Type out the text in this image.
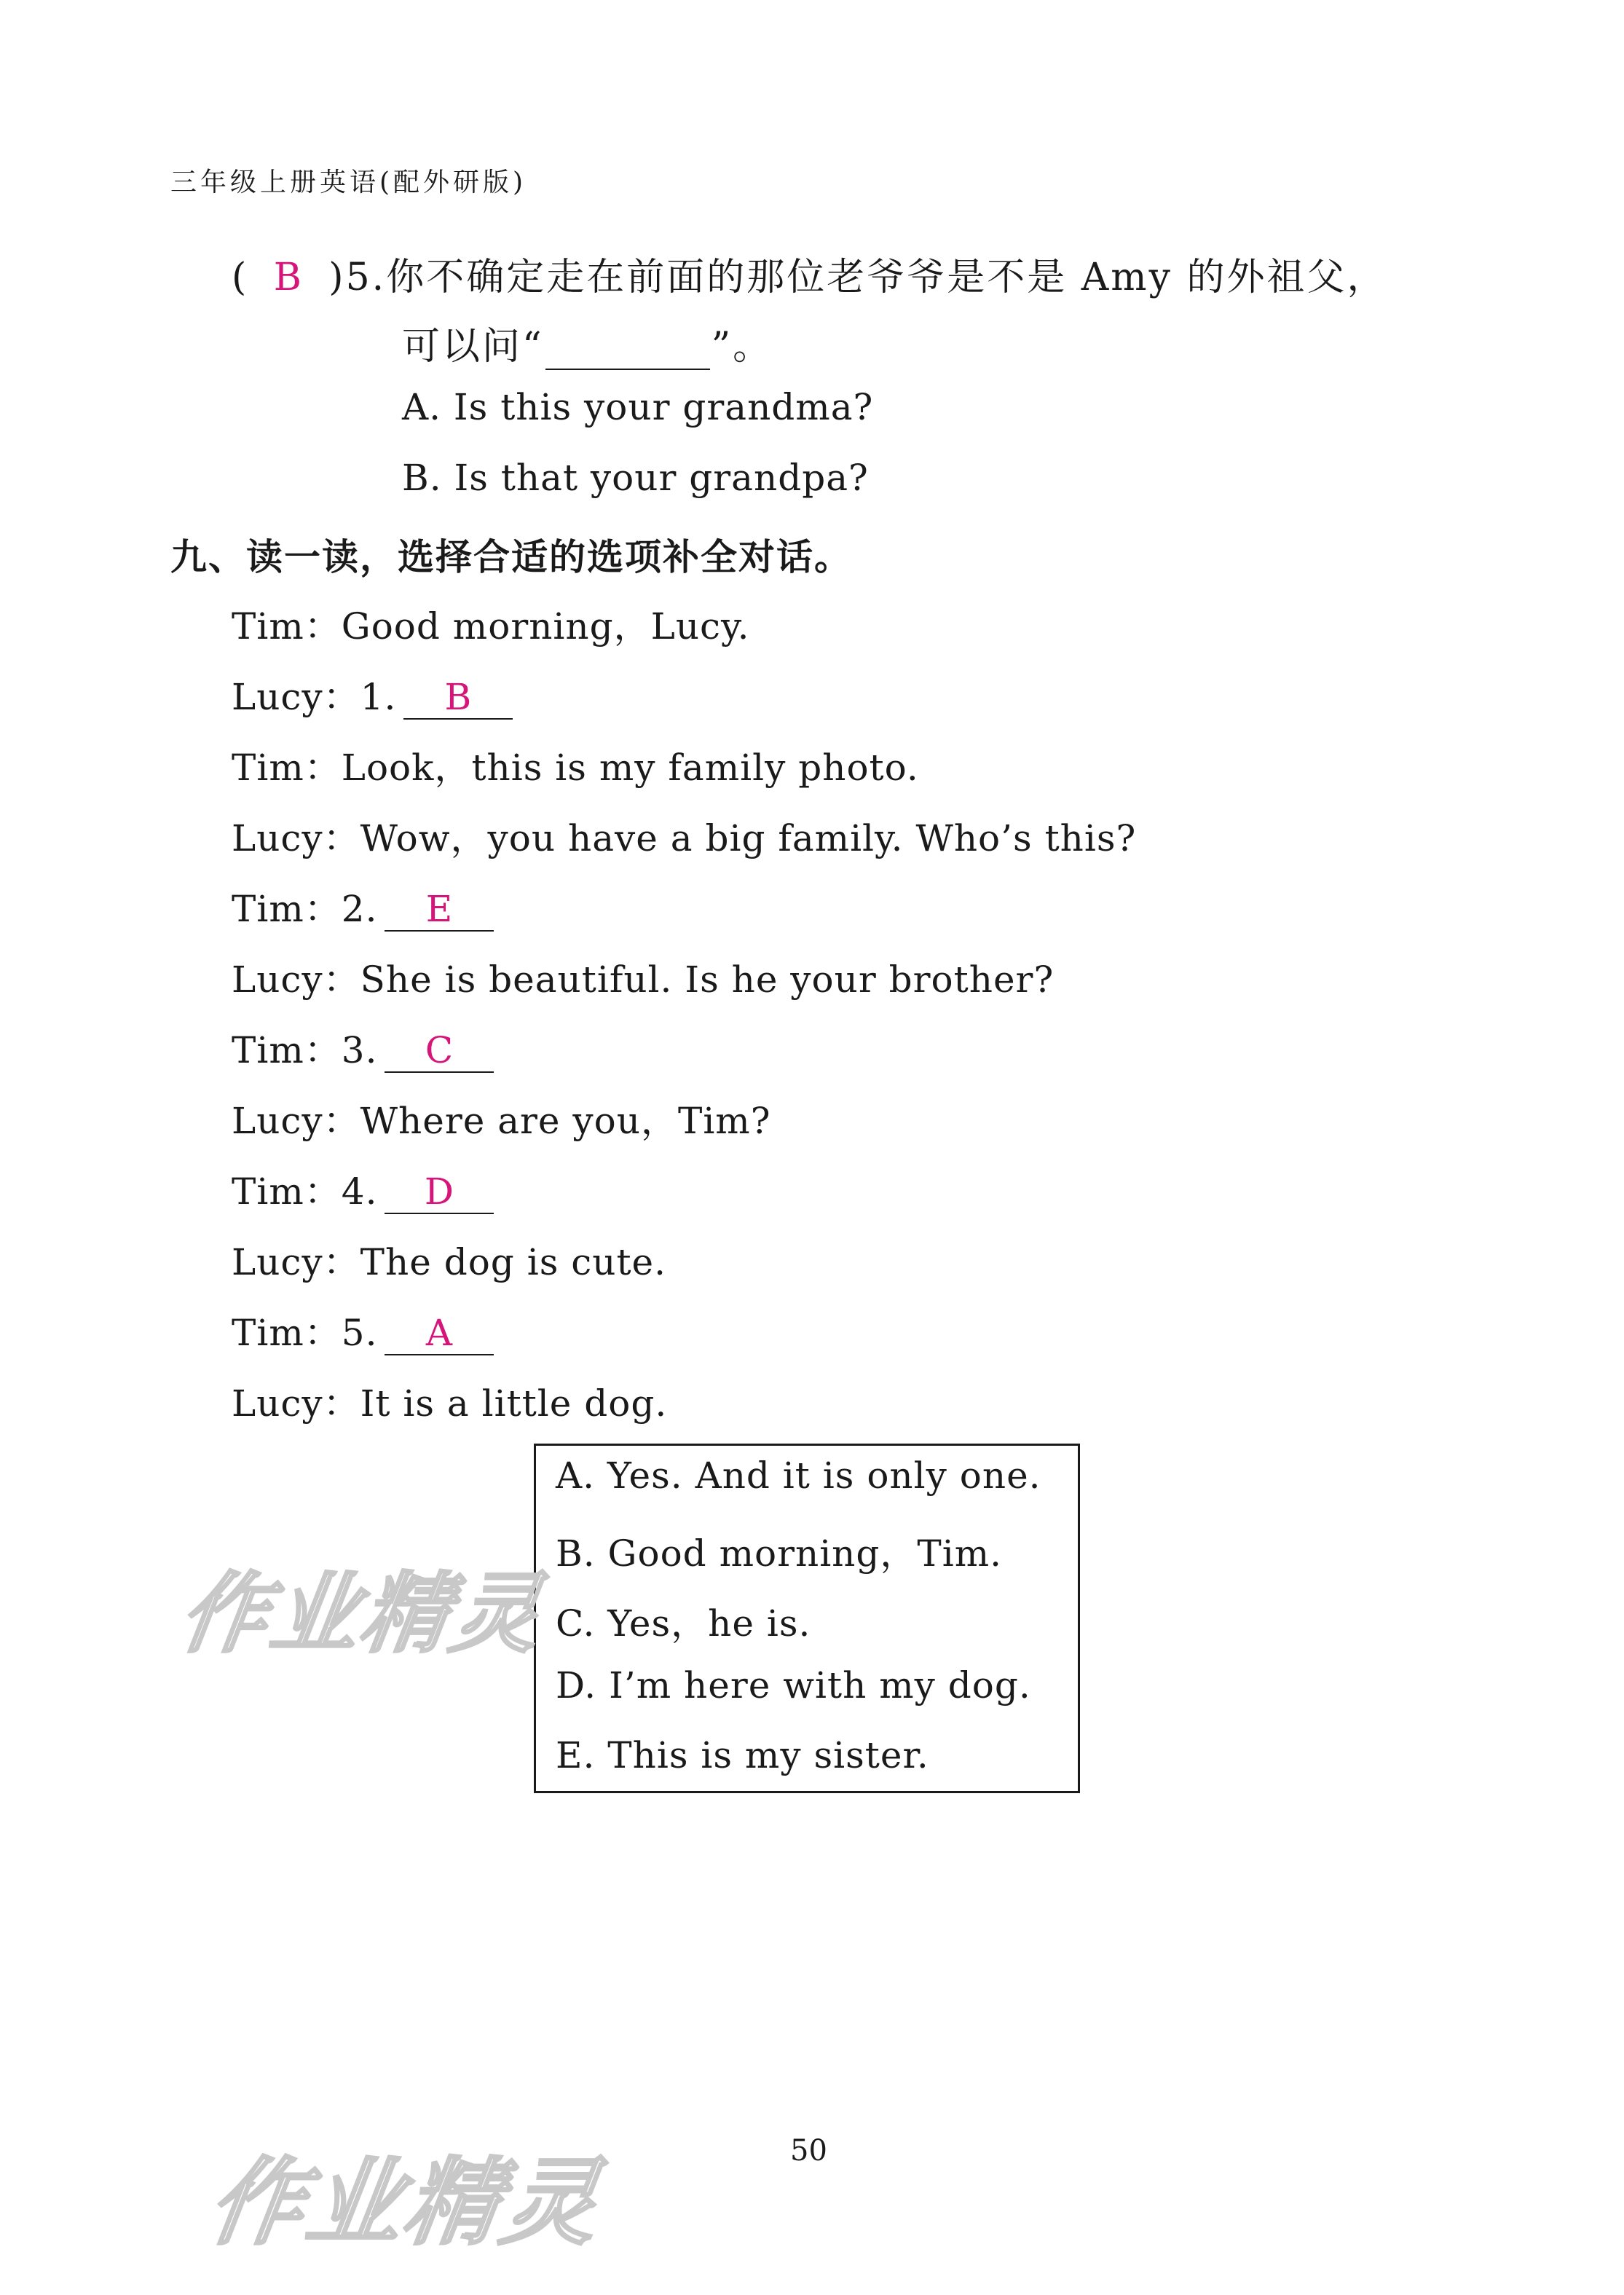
三年级上册英语(配外研版)
( B )5.你不确定走在前面的那位老爷爷是不是 Amy 的外祖父，
可以问“	”。
A. Is this your grandma?
B. Is that your grandpa?
九、读一读，选择合适的选项补全对话。
Tim：Good morning，Lucy.
Lucy：1. B
Tim：Look，this is my family photo.
Lucy：Wow，you have a big family. Who’s this?
Tim：2. E
Lucy：She is beautiful. Is he your brother?
Tim：3. C
Lucy：Where are you，Tim?
Tim：4. D
Lucy：The dog is cute.
Tim：5. A
Lucy：It is a little dog.
A. Yes. And it is only one.
B. Good morning，Tim.
C. Yes，he is.
D. I’m here with my dog.
E. This is my sister.
作业精灵
作业精灵	50
